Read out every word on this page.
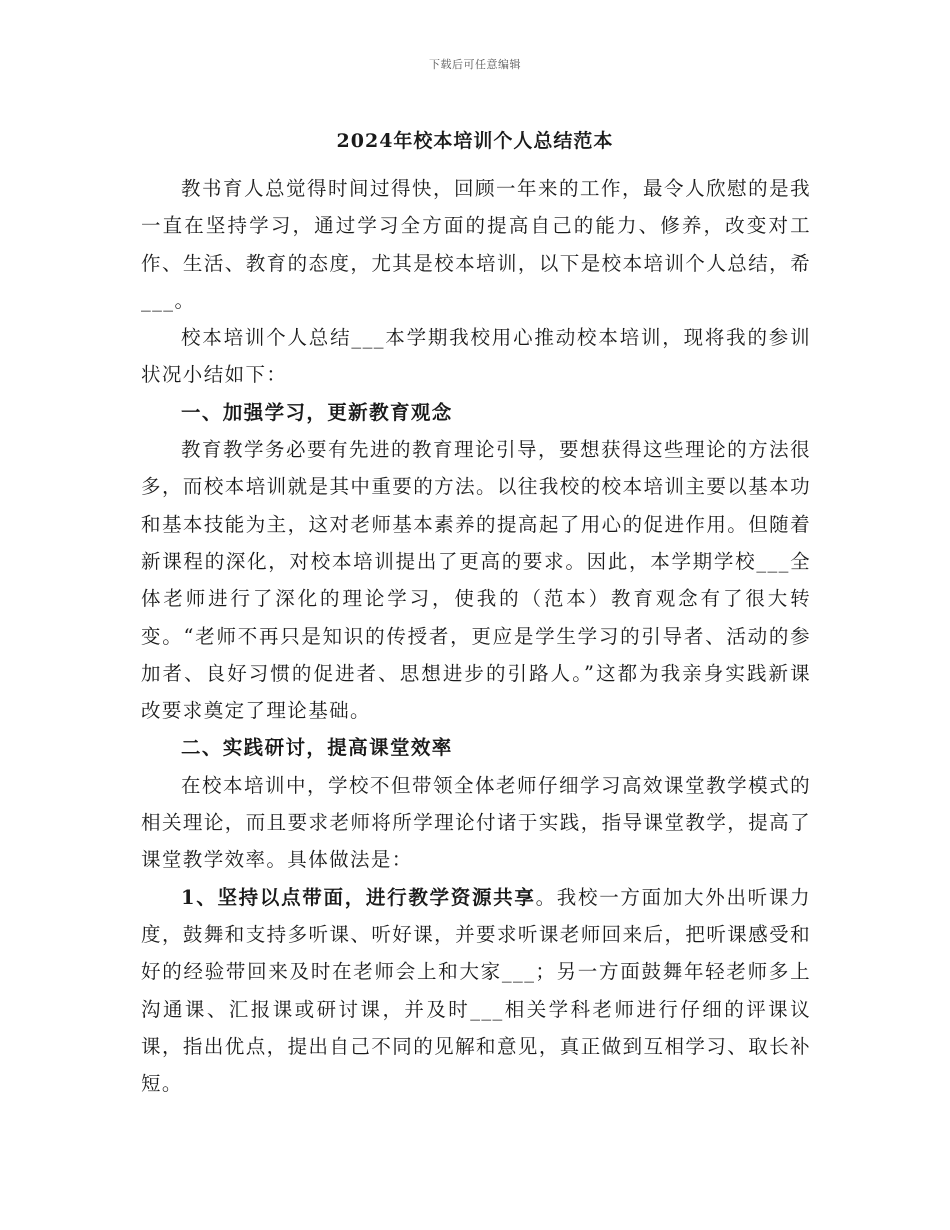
下载后可任意编辑
2024年校本培训个人总结范本

教书育人总觉得时间过得快，回顾一年来的工作，最令人欣慰的是我一直在坚持学习，通过学习全方面的提高自己的能力、修养，改变对工作、生活、教育的态度，尤其是校本培训，以下是校本培训个人总结，希___。

校本培训个人总结___本学期我校用心推动校本培训，现将我的参训状况小结如下：

一、加强学习，更新教育观念

教育教学务必要有先进的教育理论引导，要想获得这些理论的方法很多，而校本培训就是其中重要的方法。以往我校的校本培训主要以基本功和基本技能为主，这对老师基本素养的提高起了用心的促进作用。但随着新课程的深化，对校本培训提出了更高的要求。因此，本学期学校___全体老师进行了深化的理论学习，使我的（范本）教育观念有了很大转变。“老师不再只是知识的传授者，更应是学生学习的引导者、活动的参加者、良好习惯的促进者、思想进步的引路人。”这都为我亲身实践新课改要求奠定了理论基础。

二、实践研讨，提高课堂效率

在校本培训中，学校不但带领全体老师仔细学习高效课堂教学模式的相关理论，而且要求老师将所学理论付诸于实践，指导课堂教学，提高了课堂教学效率。具体做法是：

1、坚持以点带面，进行教学资源共享。我校一方面加大外出听课力度，鼓舞和支持多听课、听好课，并要求听课老师回来后，把听课感受和好的经验带回来及时在老师会上和大家___；另一方面鼓舞年轻老师多上沟通课、汇报课或研讨课，并及时___相关学科老师进行仔细的评课议课，指出优点，提出自己不同的见解和意见，真正做到互相学习、取长补短。
